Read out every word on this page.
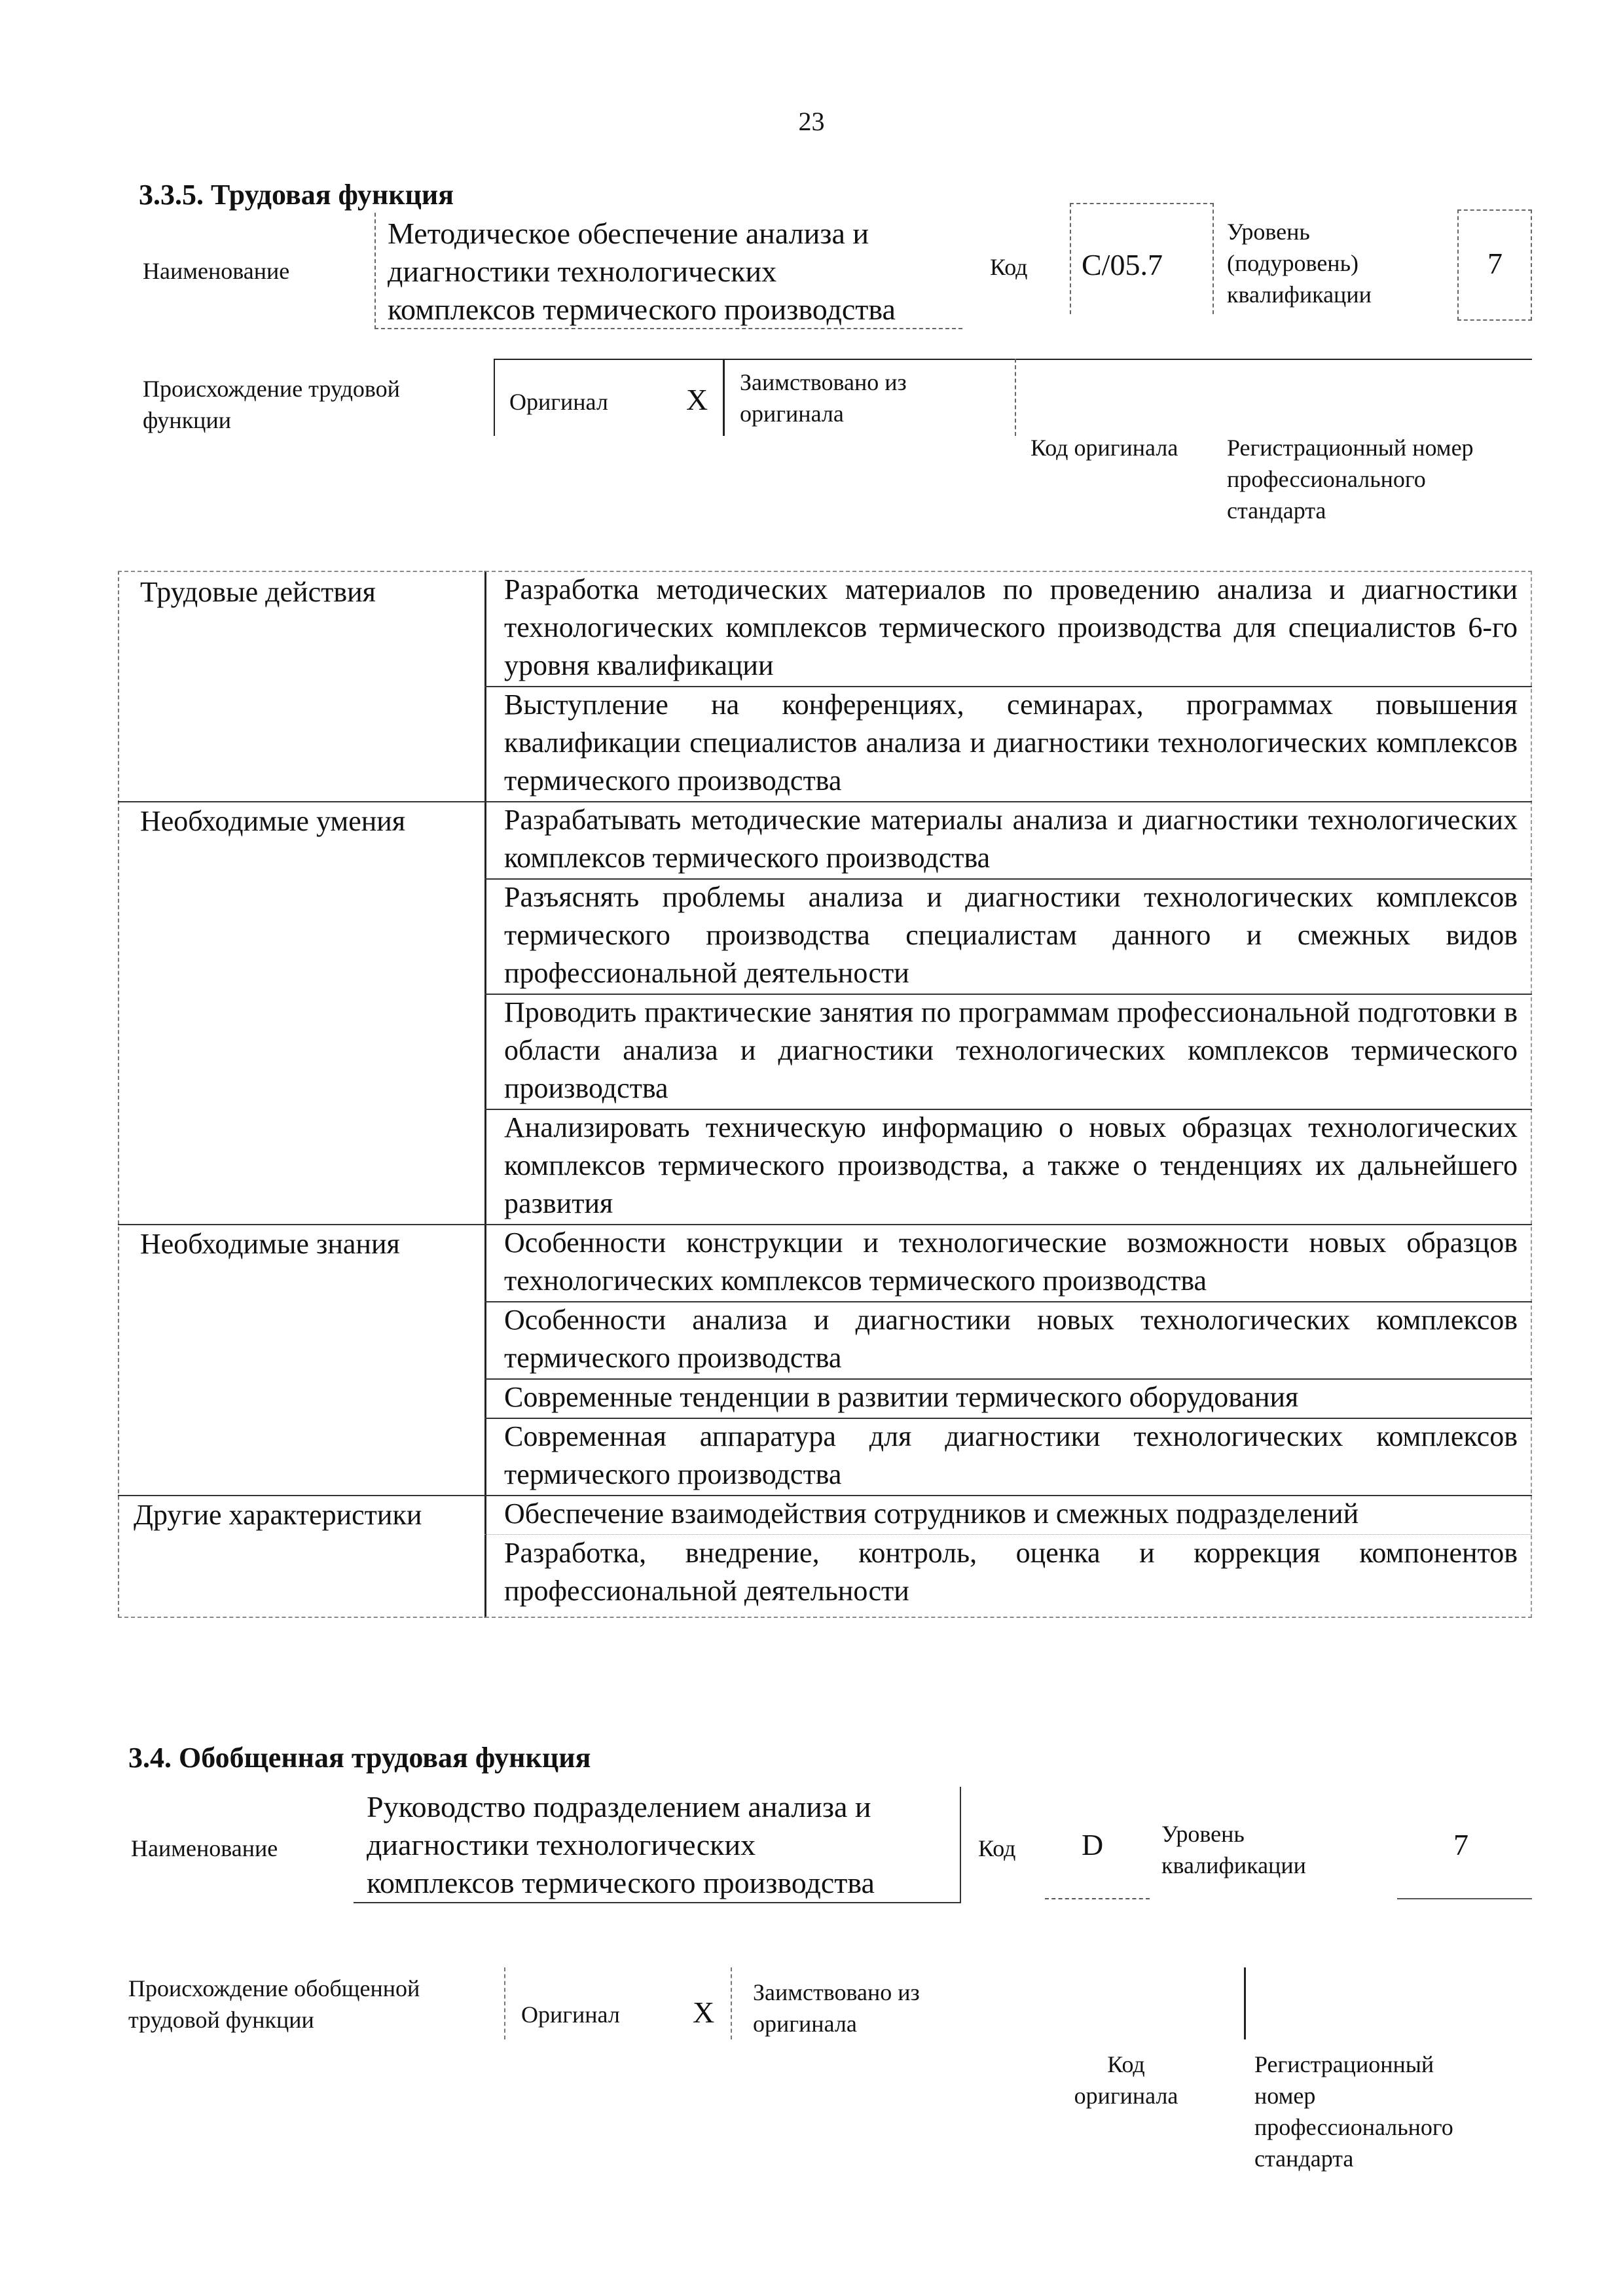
23
3.3.5. Трудовая функция
Наименование
Методическое обеспечение анализа и
диагностики технологических
комплексов термического производства
Код C/05.7
Уровень
(подуровень)
квалификации
7
Происхождение трудовой
функции
Оригинал	X
Заимствовано из
оригинала
Код оригинала Регистрационный номер
профессионального
стандарта
Трудовые действия	Разработка методических материалов по проведению анализа и диагностики технологических комплексов термического производства для специалистов 6-го уровня квалификации
Выступление на конференциях, семинарах, программах повышения квалификации специалистов анализа и диагностики технологических комплексов термического производства
Необходимые умения	Разрабатывать методические материалы анализа и диагностики технологических комплексов термического производства
Разъяснять проблемы анализа и диагностики технологических комплексов термического производства специалистам данного и смежных видов профессиональной деятельности
Проводить практические занятия по программам профессиональной подготовки в области анализа и диагностики технологических комплексов термического производства
Анализировать техническую информацию о новых образцах технологических комплексов термического производства, а также о тенденциях их дальнейшего развития
Необходимые знания	Особенности конструкции и технологические возможности новых образцов технологических комплексов термического производства
Особенности анализа и диагностики новых технологических комплексов термического производства
Современные тенденции в развитии термического оборудования
Современная аппаратура для диагностики технологических комплексов термического производства
Другие характеристики	Обеспечение взаимодействия сотрудников и смежных подразделений
Разработка, внедрение, контроль, оценка и коррекция компонентов профессиональной деятельности
3.4. Обобщенная трудовая функция
Наименование
Руководство подразделением анализа и
диагностики технологических
комплексов термического производства
Код D Уровень
квалификации
7
Происхождение обобщенной
трудовой функции	Оригинал X
Заимствовано из
оригинала
Код
оригинала
Регистрационный
номер
профессионального
стандарта
